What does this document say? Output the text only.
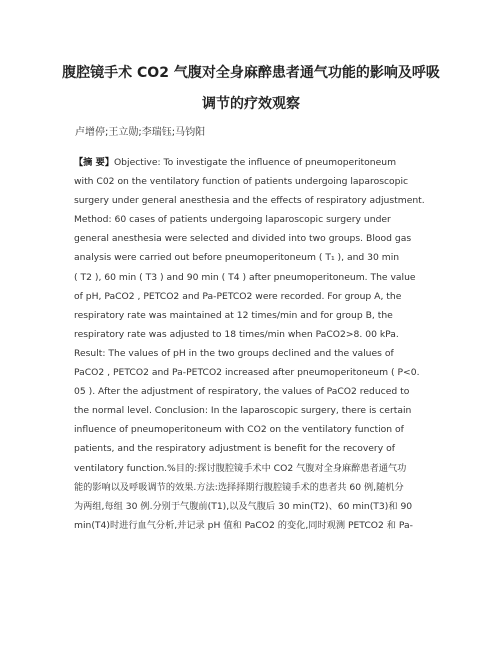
腹腔镜手术 CO2 气腹对全身麻醉患者通气功能的影响及呼吸
调节的疗效观察
卢增停;王立勋;李瑞钰;马钧阳
【摘 要】Objective: To investigate the influence of pneumoperitoneum
with C02 on the ventilatory function of patients undergoing laparoscopic
surgery under general anesthesia and the effects of respiratory adjustment.
Method: 60 cases of patients undergoing laparoscopic surgery under
general anesthesia were selected and divided into two groups. Blood gas
analysis were carried out before pneumoperitoneum ( T₁ ), and 30 min
( T2 ), 60 min ( T3 ) and 90 min ( T4 ) after pneumoperitoneum. The value
of pH, PaCO2 , PETCO2 and Pa-PETCO2 were recorded. For group A, the
respiratory rate was maintained at 12 times/min and for group B, the
respiratory rate was adjusted to 18 times/min when PaCO2>8. 00 kPa.
Result: The values of pH in the two groups declined and the values of
PaCO2 , PETCO2 and Pa-PETCO2 increased after pneumoperitoneum ( P<0.
05 ). After the adjustment of respiratory, the values of PaCO2 reduced to
the normal level. Conclusion: In the laparoscopic surgery, there is certain
influence of pneumoperitoneum with CO2 on the ventilatory function of
patients, and the respiratory adjustment is benefit for the recovery of
ventilatory function.%目的:探讨腹腔镜手术中 CO2 气腹对全身麻醉患者通气功
能的影响以及呼吸调节的效果.方法:选择择期行腹腔镜手术的患者共 60 例,随机分
为两组,每组 30 例.分别于气腹前(T1),以及气腹后 30 min(T2)、60 min(T3)和 90
min(T4)时进行血气分析,并记录 pH 值和 PaCO2 的变化,同时观测 PETCO2 和 Pa-
